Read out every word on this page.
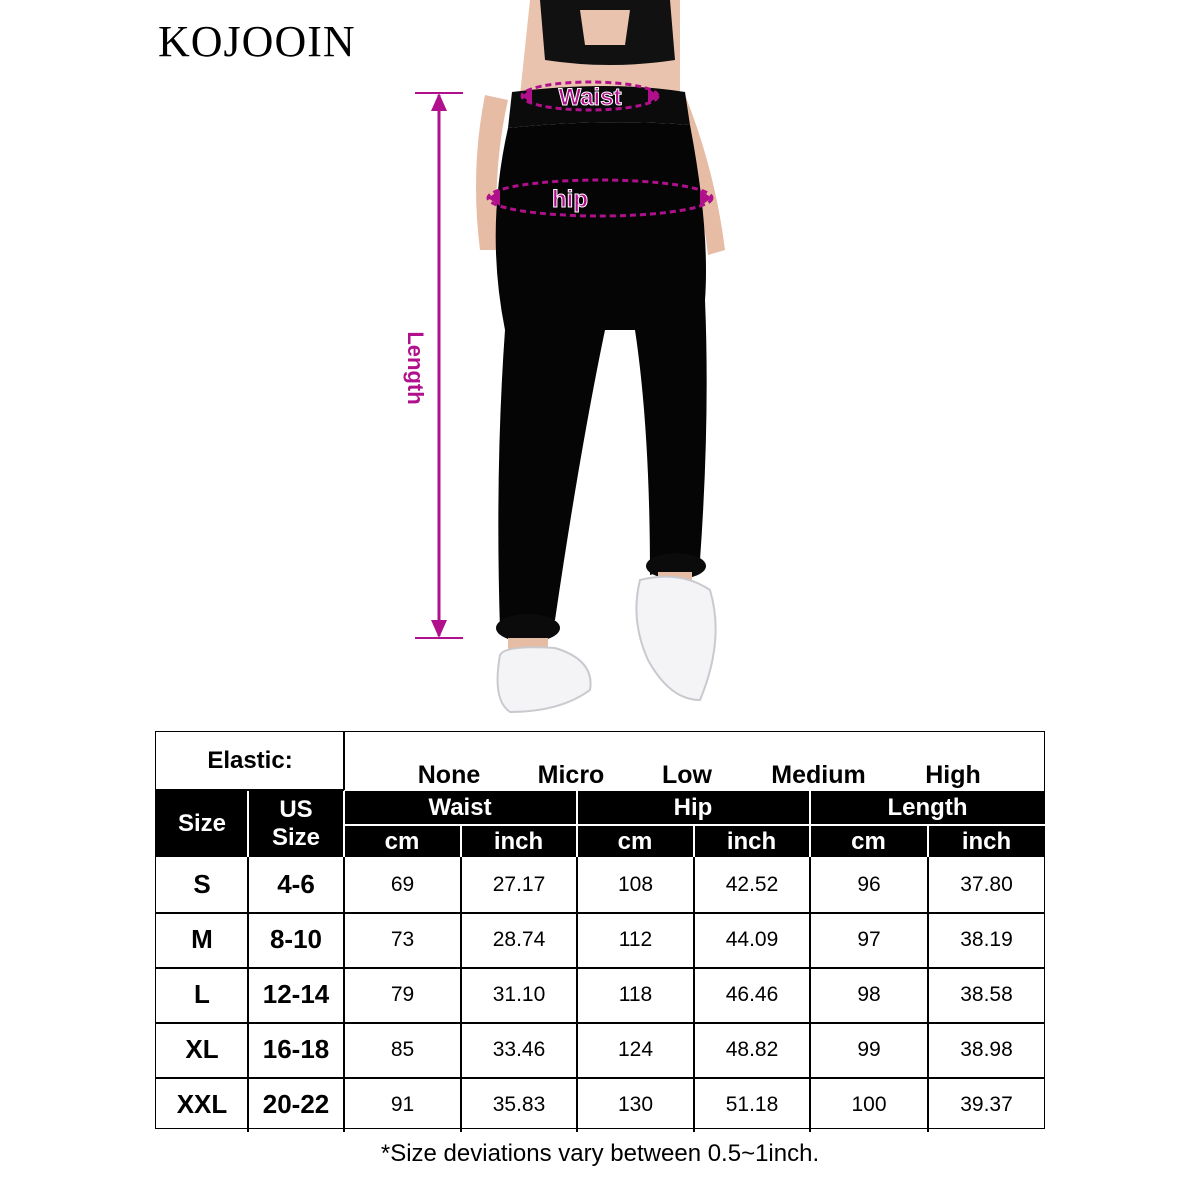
KOJOOIN
Length
Waist
hip
Elastic:	None	Micro	Low	Medium	High
Size
US
Size
Waist	Hip	Length
cm	inch	cm	inch	cm	inch
S	4-6	69	27.17	108	42.52	96	37.80
M	8-10	73	28.74	112	44.09	97	38.19
L	12-14	79	31.10	118	46.46	98	38.58
XL	16-18	85	33.46	124	48.82	99	38.98
XXL	20-22	91	35.83	130	51.18	100	39.37
*Size deviations vary between 0.5~1inch.
